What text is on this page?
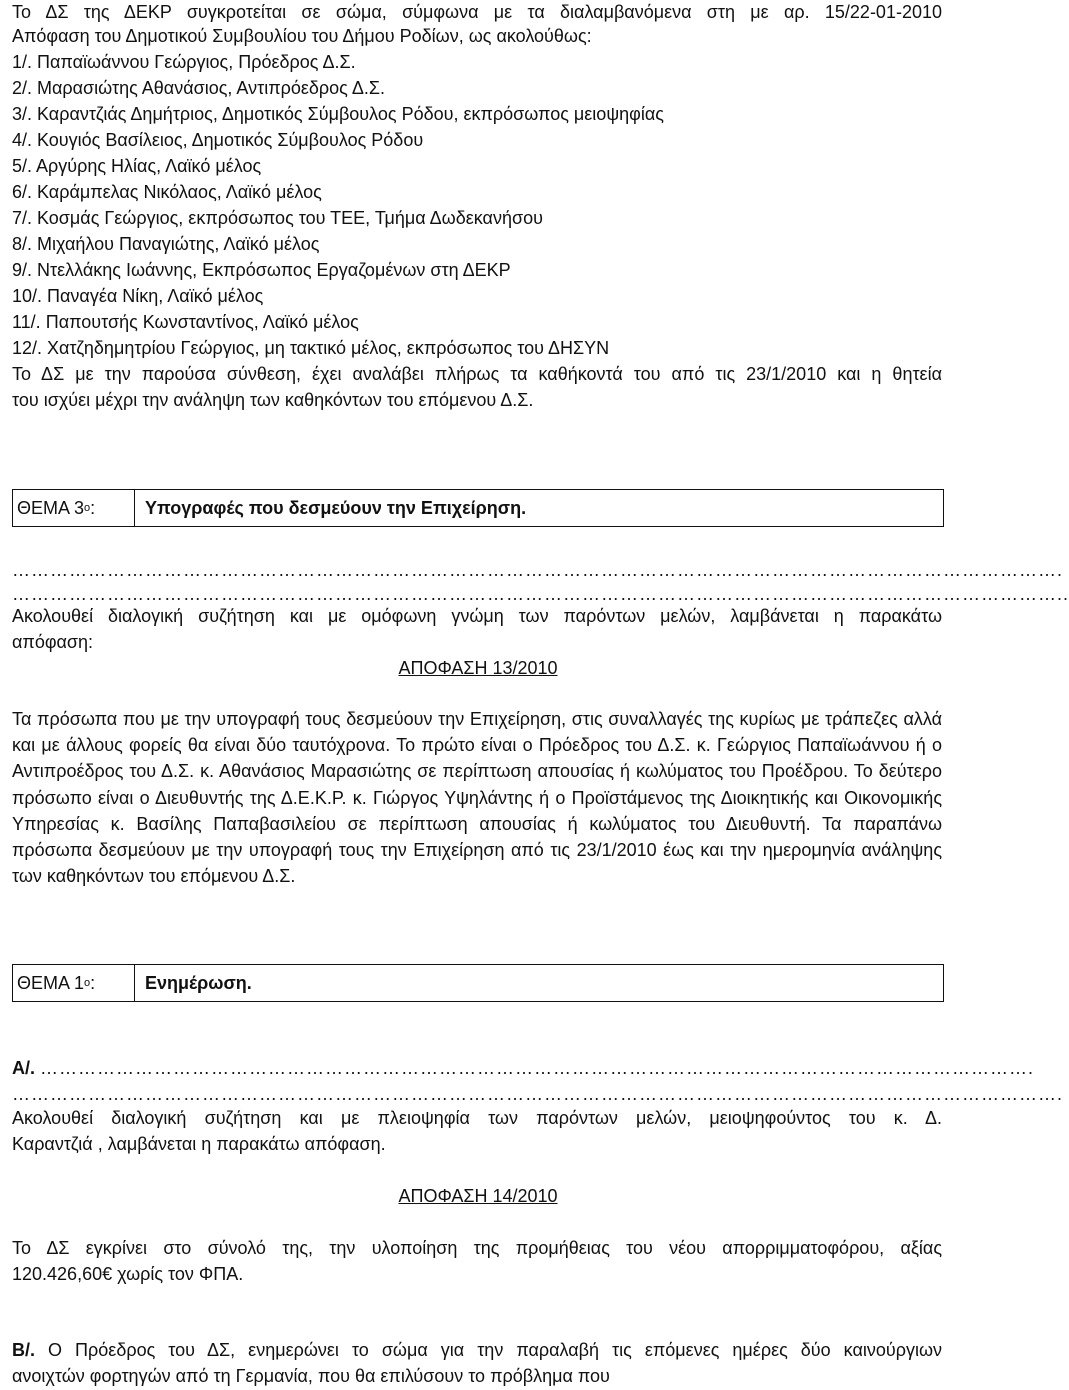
Το ΔΣ της ΔΕΚΡ συγκροτείται σε σώμα, σύμφωνα με τα διαλαμβανόμενα στη με αρ. 15/22-01-2010
Απόφαση του Δημοτικού Συμβουλίου του Δήμου Ροδίων, ως ακολούθως:
1/. Παπαϊωάννου Γεώργιος, Πρόεδρος Δ.Σ.
2/. Μαρασιώτης Αθανάσιος, Αντιπρόεδρος Δ.Σ.
3/. Καραντζιάς Δημήτριος, Δημοτικός Σύμβουλος Ρόδου, εκπρόσωπος μειοψηφίας
4/. Κουγιός Βασίλειος, Δημοτικός Σύμβουλος Ρόδου
5/. Αργύρης Ηλίας, Λαϊκό μέλος
6/. Καράμπελας Νικόλαος, Λαϊκό μέλος
7/. Κοσμάς Γεώργιος, εκπρόσωπος του ΤΕΕ, Τμήμα Δωδεκανήσου
8/. Μιχαήλου Παναγιώτης, Λαϊκό μέλος
9/. Ντελλάκης Ιωάννης, Εκπρόσωπος Εργαζομένων στη ΔΕΚΡ
10/. Παναγέα Νίκη, Λαϊκό μέλος
11/. Παπουτσής Κωνσταντίνος, Λαϊκό μέλος
12/. Χατζηδημητρίου Γεώργιος, μη τακτικό μέλος, εκπρόσωπος του ΔΗΣΥΝ
Το ΔΣ με την παρούσα σύνθεση, έχει αναλάβει πλήρως τα καθήκοντά του από τις 23/1/2010 και η θητεία
του ισχύει μέχρι την ανάληψη των καθηκόντων του επόμενου Δ.Σ.
ΘΕΜΑ 3 ο :	Υπογραφές που δεσμεύουν την Επιχείρηση.
………………………………………………………………………………………………………………………………………………….
…………………………………………………………………………………………………………………………………………………..
Ακολουθεί διαλογική συζήτηση και με ομόφωνη γνώμη των παρόντων μελών, λαμβάνεται η παρακάτω
απόφαση:
ΑΠΟΦΑΣΗ 13/2010
Τα πρόσωπα που με την υπογραφή τους δεσμεύουν την Επιχείρηση, στις συναλλαγές της κυρίως με τράπεζες αλλά και με άλλους φορείς θα είναι δύο ταυτόχρονα. Το πρώτο είναι ο Πρόεδρος του Δ.Σ. κ. Γεώργιος Παπαϊωάννου ή ο Αντιπροέδρος του Δ.Σ. κ. Αθανάσιος Μαρασιώτης σε περίπτωση απουσίας ή κωλύματος του Προέδρου. Το δεύτερο πρόσωπο είναι ο Διευθυντής της Δ.Ε.Κ.Ρ. κ. Γιώργος Υψηλάντης ή ο Προϊστάμενος της Διοικητικής και Οικονομικής Υπηρεσίας κ. Βασίλης Παπαβασιλείου σε περίπτωση απουσίας ή κωλύματος του Διευθυντή. Τα παραπάνω πρόσωπα δεσμεύουν με την υπογραφή τους την Επιχείρηση από τις 23/1/2010 έως και την ημερομηνία ανάληψης των καθηκόντων του επόμενου Δ.Σ.
ΘΕΜΑ 1 ο :	Ενημέρωση.
Α/. ………………………………………………………………………………………………………………………………………….
………………………………………………………………………………………………………………………………………………….
Ακολουθεί διαλογική συζήτηση και με πλειοψηφία των παρόντων μελών, μειοψηφούντος του κ. Δ.
Καραντζιά , λαμβάνεται η παρακάτω απόφαση.
ΑΠΟΦΑΣΗ 14/2010
Το ΔΣ εγκρίνει στο σύνολό της, την υλοποίηση της προμήθειας του νέου απορριμματοφόρου, αξίας
120.426,60€ χωρίς τον ΦΠΑ.
Β/. Ο Πρόεδρος του ΔΣ, ενημερώνει το σώμα για την παραλαβή τις επόμενες ημέρες δύο καινούργιων
ανοιχτών φορτηγών από τη Γερμανία, που θα επιλύσουν το πρόβλημα που
